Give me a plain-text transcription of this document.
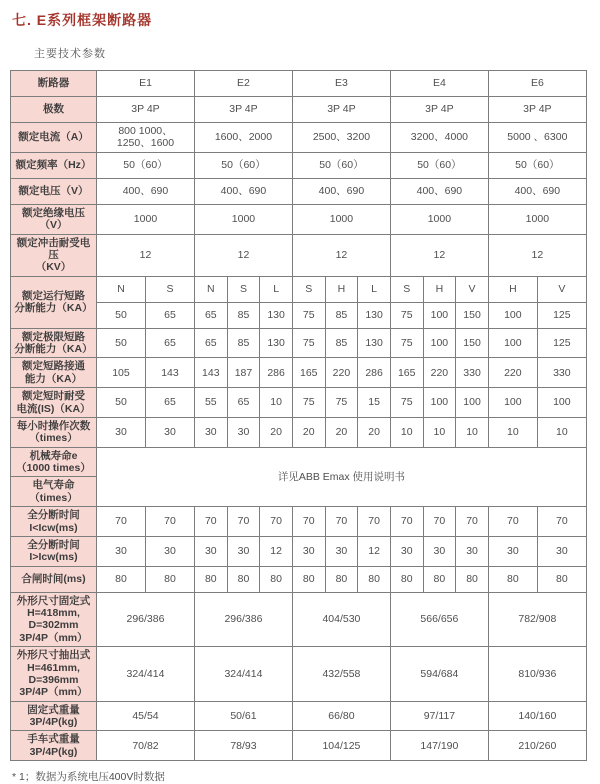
七. E系列框架断路器
主要技术参数
断路器	E1		E2			E3			E4			E6	
极数	3P 4P		3P 4P			3P 4P			3P 4P			3P 4P	
额定电流（A）	800 1000、
1250、1600		1600、2000			2500、3200			3200、4000			5000 、6300	
额定频率（Hz）	50（60）		50（60）			50（60）			50（60）			50（60）	
额定电压（V）	400、690		400、690			400、690			400、690			400、690	
额定绝缘电压（V）	1000		1000			1000			1000			1000	
额定冲击耐受电压
（KV）	12		12			12			12			12	
额定运行短路
分断能力（KA）	N	S	N	S	L	S	H	L	S	H	V	H	V
	50	65	65	85	130	75	85	130	75	100	150	100	125
额定极限短路
分断能力（KA）	50	65	65	85	130	75	85	130	75	100	150	100	125
额定短路接通
能力（KA）	105	143	143	187	286	165	220	286	165	220	330	220	330
额定短时耐受
电流(IS)（KA）	50	65	55	65	10	75	75	15	75	100	100	100	100
每小时操作次数
（times）	30	30	30	30	20	20	20	20	10	10	10	10	10
机械寿命e
（1000 times）	详见ABB Emax 使用说明书												
电气寿命（times）													
全分断时间
I<Icw(ms)	70	70	70	70	70	70	70	70	70	70	70	70	70
全分断时间
I>Icw(ms)	30	30	30	30	12	30	30	12	30	30	30	30	30
合闸时间(ms)	80	80	80	80	80	80	80	80	80	80	80	80	80
外形尺寸固定式
H=418mm,
D=302mm
3P/4P（mm）	296/386		296/386			404/530			566/656			782/908	
外形尺寸抽出式
H=461mm,
D=396mm
3P/4P（mm）	324/414		324/414			432/558			594/684			810/936	
固定式重量
3P/4P(kg)	45/54		50/61			66/80			97/117			140/160	
手车式重量
3P/4P(kg)	70/82		78/93			104/125			147/190			210/260	
* 1；数据为系统电压400V时数据
